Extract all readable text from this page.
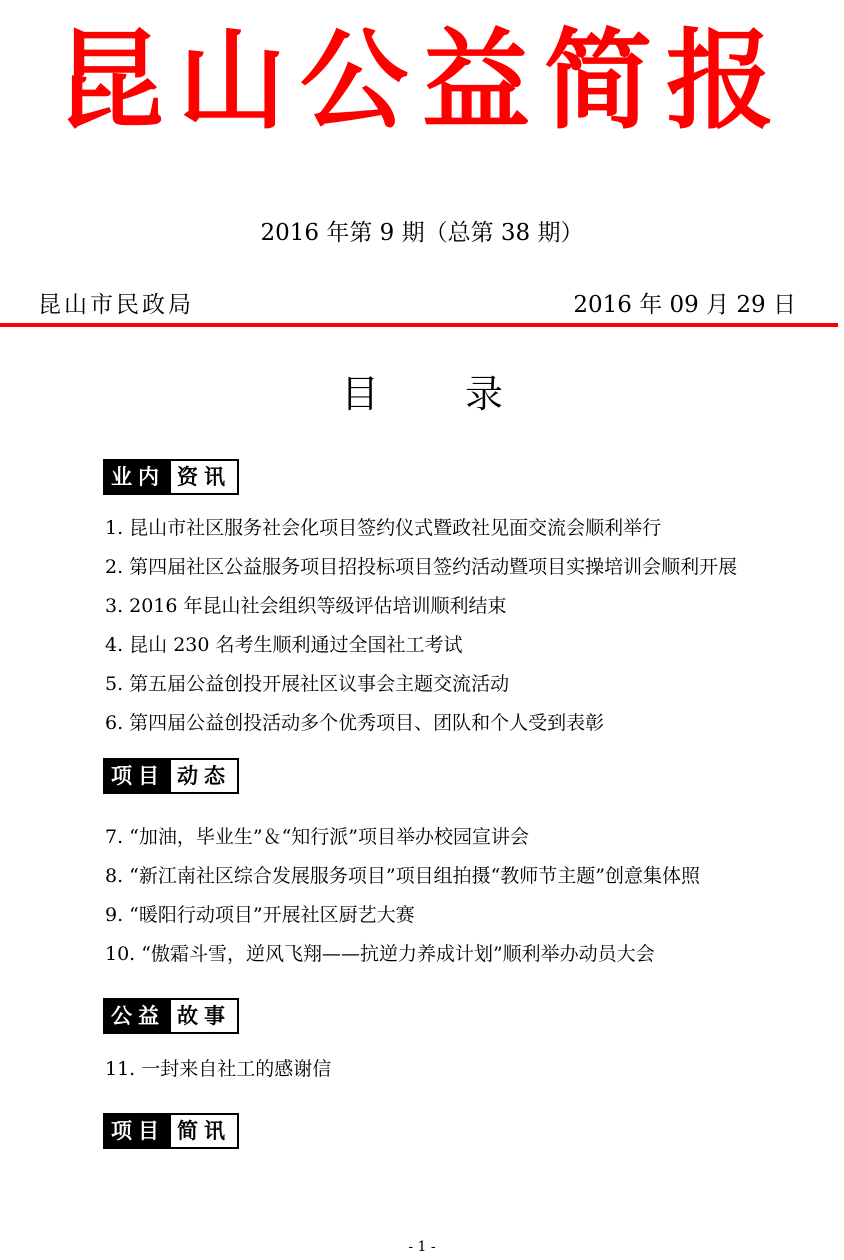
昆山公益简报
2016 年第 9 期（总第 38 期）
昆山市民政局	2016 年 09 月 29 日
目 录
业内 资讯
1. 昆山市社区服务社会化项目签约仪式暨政社见面交流会顺利举行
2. 第四届社区公益服务项目招投标项目签约活动暨项目实操培训会顺利开展
3. 2016 年昆山社会组织等级评估培训顺利结束
4. 昆山 230 名考生顺利通过全国社工考试
5. 第五届公益创投开展社区议事会主题交流活动
6. 第四届公益创投活动多个优秀项目、团队和个人受到表彰
项目 动态
7. “加油，毕业生”＆“知行派”项目举办校园宣讲会
8. “新江南社区综合发展服务项目”项目组拍摄“教师节主题”创意集体照
9. “暖阳行动项目”开展社区厨艺大赛
10. “傲霜斗雪，逆风飞翔——抗逆力养成计划”顺利举办动员大会
公益 故事
11. 一封来自社工的感谢信
项目 简讯
- 1 -
